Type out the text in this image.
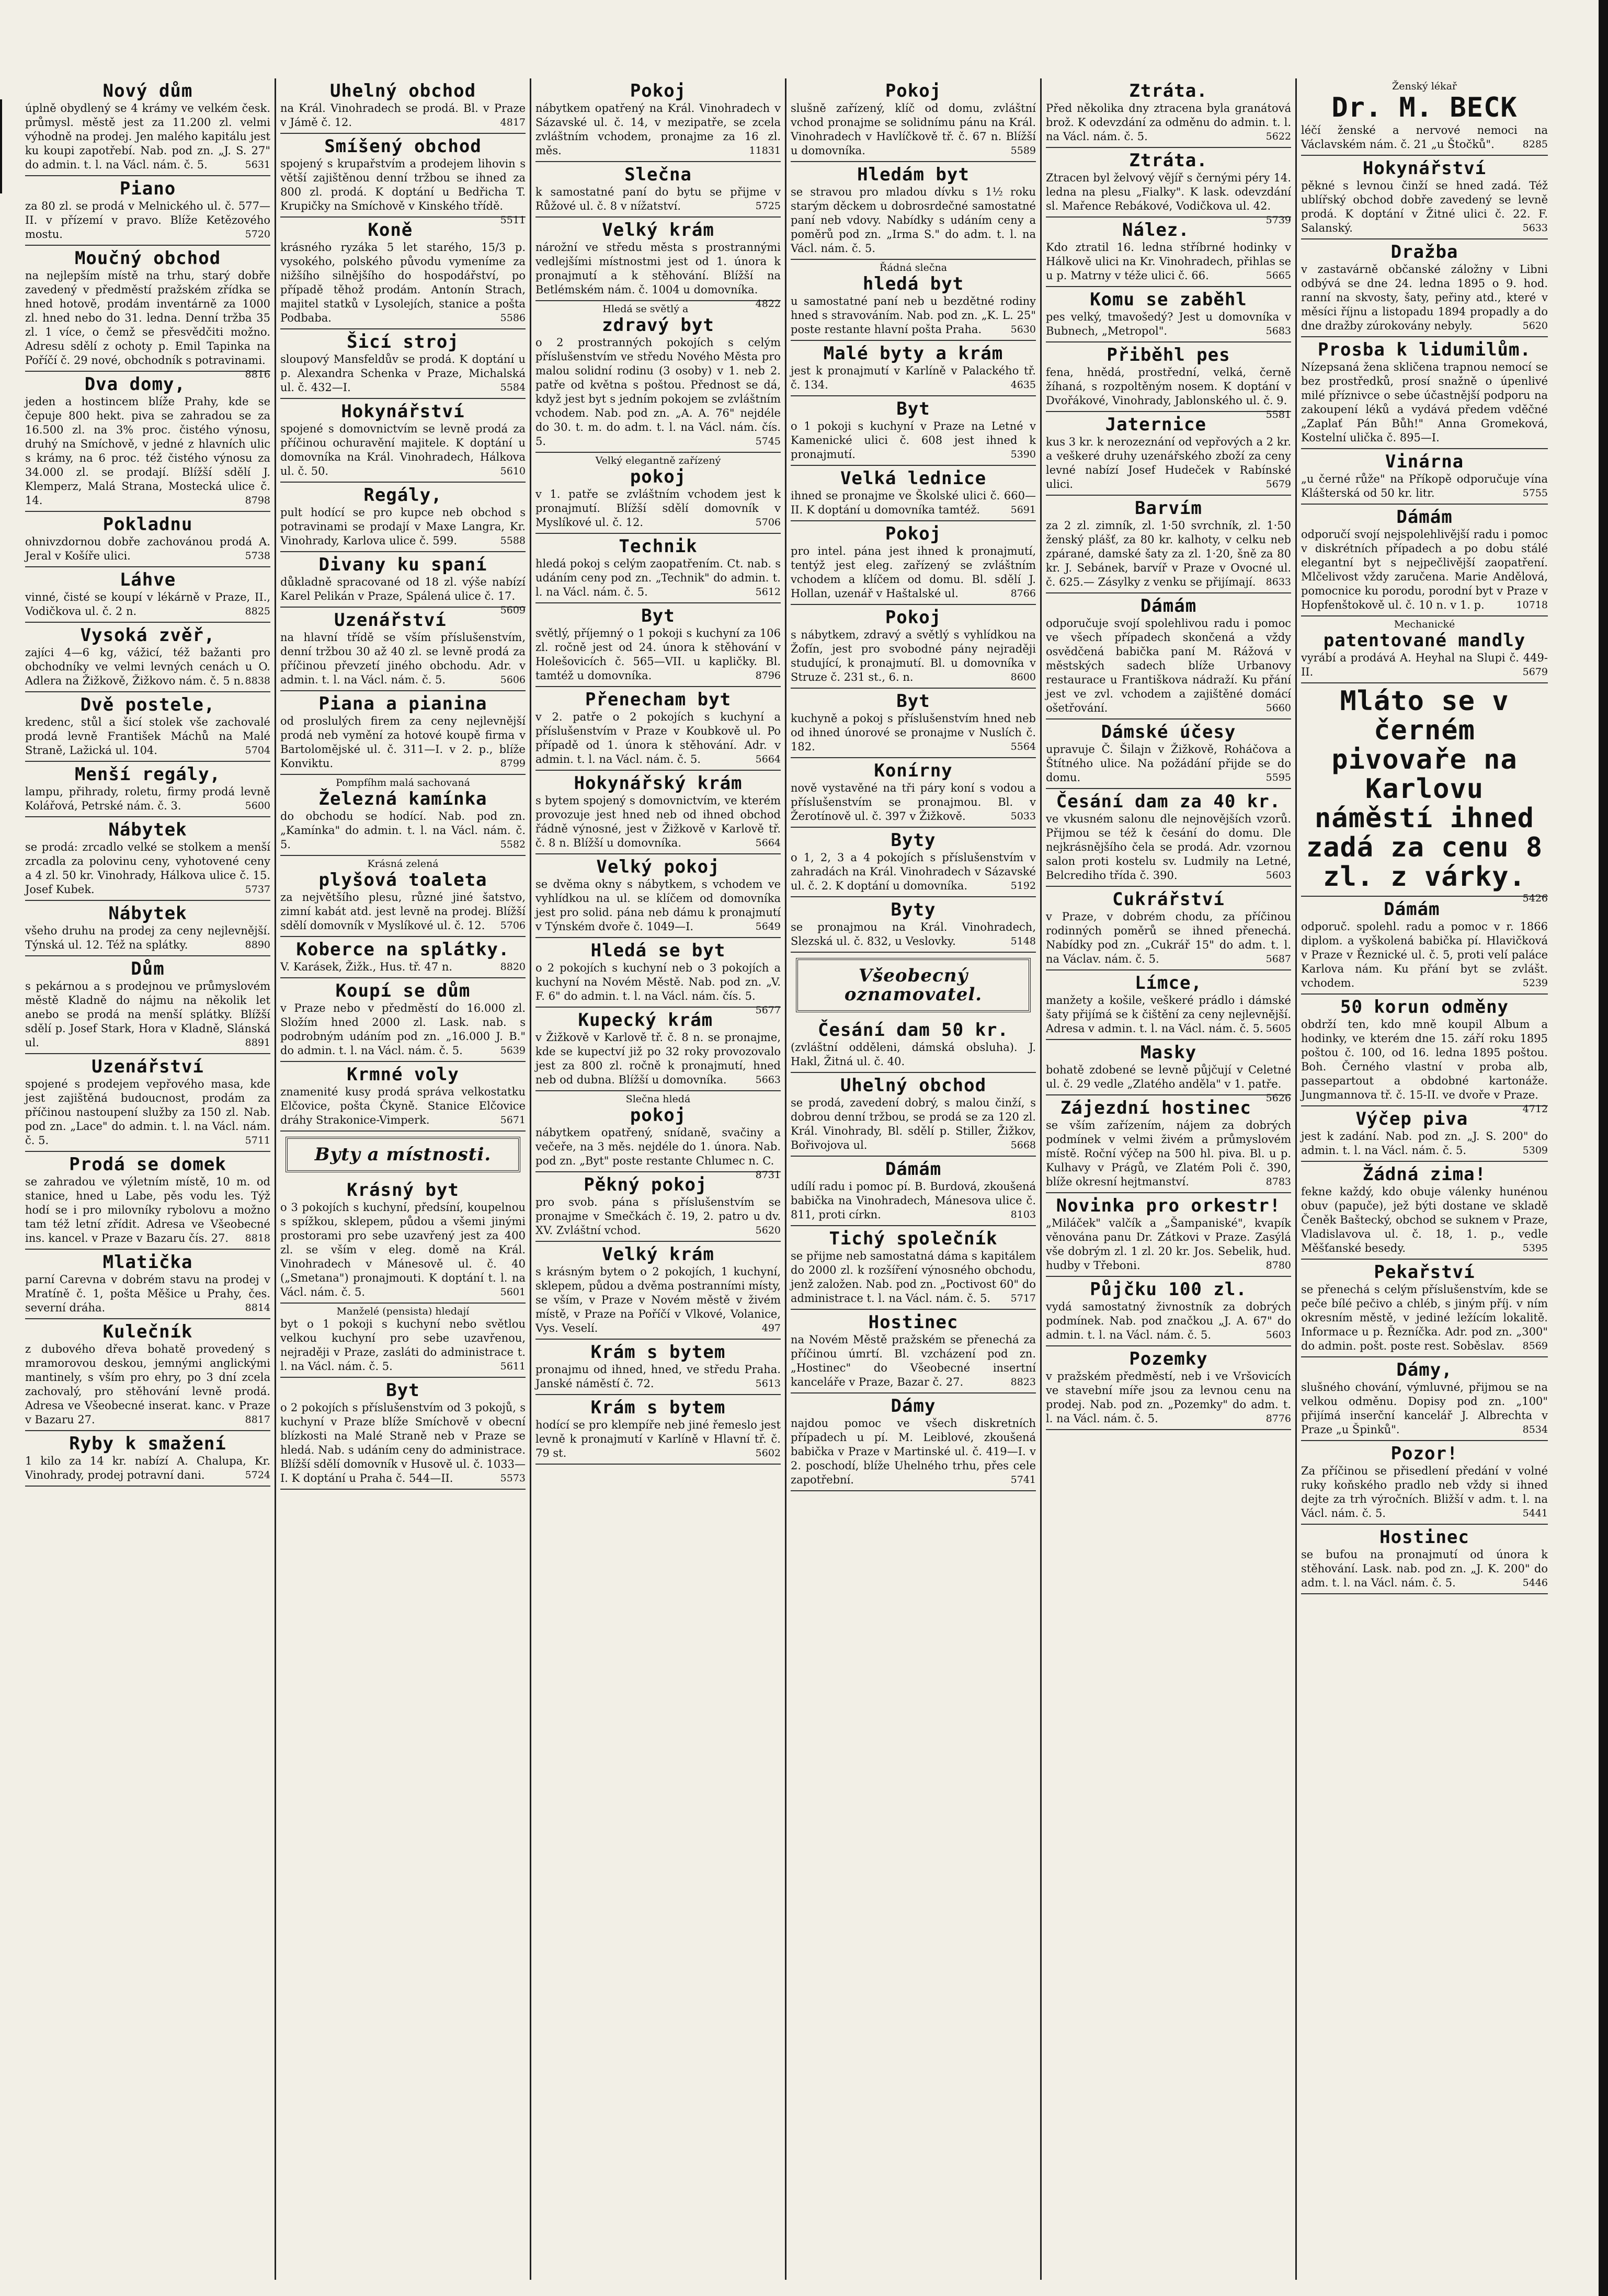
Nový dům

úplně obydlený se 4 krámy ve velkém česk. průmysl. městě jest za 11.200 zl. velmi výhodně na prodej. Jen malého kapitálu jest ku koupi zapotřebí. Nab. pod zn. „J. S. 27" do admin. t. l. na Václ. nám. č. 5.	5631

Piano

za 80 zl. se prodá v Melnického ul. č. 577—II. v přízemí v pravo. Blíže Ketězového mostu.	5720

Moučný obchod

na nejlepším místě na trhu, starý dobře zavedený v předměstí pražském zřídka se hned hotově, prodám inventárně za 1000 zl. hned nebo do 31. ledna. Denní tržba 35 zl. 1 více, o čemž se přesvědčiti možno. Adresu sdělí z ochoty p. Emil Tapinka na Poříčí č. 29 nové, obchodník s potravinami.
8816

Dva domy,

jeden a hostincem blíže Prahy, kde se čepuje 800 hekt. piva se zahradou se za 16.500 zl. na 3% proc. čistého výnosu, druhý na Smíchově, v jedné z hlavních ulic s krámy, na 6 proc. též čistého výnosu za 34.000 zl. se prodají. Blížší sdělí J. Klemperz, Malá Strana, Mostecká ulice č. 14.	8798

Pokladnu

ohnivzdornou dobře zachovánou prodá A. Jeral v Košíře ulici.	5738

Láhve

vinné, čisté se koupí v lékárně v Praze, II., Vodičkova ul. č. 2 n.	8825

Vysoká zvěř,

zajíci 4—6 kg, vážicí, též bažanti pro obchodníky ve velmi levných cenách u O. Adlera na Žižkově, Žižkovo nám. č. 5 n. 8838

Dvě postele,

kredenc, stůl a šicí stolek vše zachovalé prodá levně František Máchů na Malé Straně, Lažická ul. 104.	5704

Menší regály,

lampu, přihrady, roletu, firmy prodá levně Kolářová, Petrské nám. č. 3.	5600

Nábytek

se prodá: zrcadlo velké se stolkem a menší zrcadla za polovinu ceny, vyhotovené ceny a 4 zl. 50 kr. Vinohrady, Hálkova ulice č. 15. Josef Kubek.	5737

Nábytek

všeho druhu na prodej za ceny nejlevnější. Týnská ul. 12. Též na splátky.	8890

Dům

s pekárnou a s prodejnou ve průmyslovém městě Kladně do nájmu na několik let anebo se prodá na menší splátky. Blížší sdělí p. Josef Stark, Hora v Kladně, Slánská ul.	8891

Uzenářství

spojené s prodejem vepřového masa, kde jest zajištěná budoucnost, prodám za příčinou nastoupení služby za 150 zl. Nab. pod zn. „Lace" do admin. t. l. na Václ. nám. č. 5.	5711

Prodá se domek

se zahradou ve výletním místě, 10 m. od stanice, hned u Labe, pěs vodu les. Týž hodí se i pro milovníky rybolovu a možno tam též letní zřídit. Adresa ve Všeobecné ins. kancel. v Praze v Bazaru čís. 27. 8818

Mlatička

parní Carevna v dobrém stavu na prodej v Mratíně č. 1, pošta Měšice u Prahy, čes. severní dráha.	8814

Kulečník

z dubového dřeva bohatě provedený s mramorovou deskou, jemnými anglickými mantinely, s vším pro ehry, po 3 dní zcela zachovalý, pro stěhování levně prodá. Adresa ve Všeobecné inserat. kanc. v Praze v Bazaru 27.	8817

Ryby k smažení

1 kilo za 14 kr. nabízí A. Chalupa, Kr. Vinohrady, prodej potravní dani.	5724

Uhelný obchod

na Král. Vinohradech se prodá. Bl. v Praze v Jámě č. 12.	4817

Smíšený obchod

spojený s krupařstvím a prodejem lihovin s větší zajištěnou denní tržbou se ihned za 800 zl. prodá. K doptání u Bedřicha T. Krupičky na Smíchově v Kinského třídě.
5511

Koně

krásného ryzáka 5 let starého, 15/3 p. vysokého, polského původu vymeníme za nižšího silnějšího do hospodářství, po případě těhož prodám. Antonín Strach, majitel statků v Lysolejích, stanice a pošta Podbaba.	5586

Šicí stroj

sloupový Mansfeldův se prodá. K doptání u p. Alexandra Schenka v Praze, Michalská ul. č. 432—I.	5584

Hokynářství

spojené s domovnictvím se levně prodá za příčinou ochuravění majitele. K doptání u domovníka na Král. Vinohradech, Hálkova ul. č. 50.	5610

Regály,

pult hodící se pro kupce neb obchod s potravinami se prodají v Maxe Langra, Kr. Vinohrady, Karlova ulice č. 599.	5588

Divany ku spaní

důkladně spracované od 18 zl. výše nabízí Karel Pelikán v Praze, Spálená ulice č. 17.
5609

Uzenářství

na hlavní třídě se vším příslušenstvím, denní tržbou 30 až 40 zl. se levně prodá za příčinou převzetí jiného obchodu. Adr. v admin. t. l. na Václ. nám. č. 5.	5606

Piana a pianina

od proslulých firem za ceny nejlevnější prodá neb vymění za hotové koupě firma v Bartolomějské ul. č. 311—I. v 2. p., blíže Konviktu.	8799

Pompfíhm malá sachovaná
Železná kamínka

do obchodu se hodící. Nab. pod zn. „Kamínka" do admin. t. l. na Václ. nám. č. 5.	5582

Krásná zelená
plyšová toaleta

za největšího plesu, různé jiné šatstvo, zimní kabát atd. jest levně na prodej. Blížší sdělí domovník v Myslíkové ul. č. 12. 5706

Koberce na splátky.

V. Karásek, Žižk., Hus. tř. 47 n.	8820

Koupí se dům

v Praze nebo v předměstí do 16.000 zl. Složím hned 2000 zl. Lask. nab. s podrobným udáním pod zn. „16.000 J. B." do admin. t. l. na Václ. nám. č. 5.	5639

Krmné voly

znamenité kusy prodá správa velkostatku Elčovice, pošta Čkyně. Stanice Elčovice dráhy Strakonice-Vimperk.	5671

Byty a místnosti.
Krásný byt

o 3 pokojích s kuchyní, předsíní, koupelnou s spížkou, sklepem, půdou a všemi jinými prostorami pro sebe uzavřený jest za 400 zl. se vším v eleg. domě na Král. Vinohradech v Mánesově ul. č. 40 („Smetana") pronajmouti. K doptání t. l. na Václ. nám. č. 5.	5601

Manželé (pensista) hledají

byt o 1 pokoji s kuchyní nebo světlou velkou kuchyní pro sebe uzavřenou, nejraději v Praze, zasláti do administrace t. l. na Václ. nám. č. 5.	5611

Byt

o 2 pokojích s příslušenstvím od 3 pokojů, s kuchyní v Praze blíže Smíchově v obecní blízkosti na Malé Straně neb v Praze se hledá. Nab. s udáním ceny do administrace. Blížší sdělí domovník v Husově ul. č. 1033—I. K doptání u Praha č. 544—II.	5573

Pokoj

nábytkem opatřený na Král. Vinohradech v Sázavské ul. č. 14, v mezipatře, se zcela zvláštním vchodem, pronajme za 16 zl. měs.	11831

Slečna

k samostatné paní do bytu se přijme v Růžové ul. č. 8 v nížatství.	5725

Velký krám

nárožní ve středu města s prostrannými vedlejšími místnostmi jest od 1. února k pronajmutí a k stěhování. Blížší na Betlémském nám. č. 1004 u domovníka.
4822

Hledá se světlý a
zdravý byt

o 2 prostranných pokojích s celým příslušenstvím ve středu Nového Města pro malou solidní rodinu (3 osoby) v 1. neb 2. patře od května s poštou. Přednost se dá, když jest byt s jedním pokojem se zvláštním vchodem. Nab. pod zn. „A. A. 76" nejdéle do 30. t. m. do adm. t. l. na Václ. nám. čís. 5.	5745

Velký elegantně zařízený
pokoj

v 1. patře se zvláštním vchodem jest k pronajmutí. Blížší sdělí domovník v Myslíkové ul. č. 12.	5706

Technik

hledá pokoj s celým zaopatřením. Ct. nab. s udáním ceny pod zn. „Technik" do admin. t. l. na Václ. nám. č. 5.	5612

Byt

světlý, příjemný o 1 pokoji s kuchyní za 106 zl. ročně jest od 24. února k stěhování v Holešovicích č. 565—VII. u kapličky. Bl. tamtéž u domovníka.	8796

Přenecham byt

v 2. patře o 2 pokojích s kuchyní a příslušenstvím v Praze v Koubkově ul. Po případě od 1. února k stěhování. Adr. v admin. t. l. na Václ. nám. č. 5.	5664

Hokynářský krám

s bytem spojený s domovnictvím, ve kterém provozuje jest hned neb od ihned obchod řádně výnosné, jest v Žižkově v Karlově tř. č. 8 n. Blížší u domovníka.	5664

Velký pokoj

se dvěma okny s nábytkem, s vchodem ve vyhlídkou na ul. se klíčem od domovníka jest pro solid. pána neb dámu k pronajmutí v Týnském dvoře č. 1049—I.	5649

Hledá se byt

o 2 pokojích s kuchyní neb o 3 pokojích a kuchyní na Novém Městě. Nab. pod zn. „V. F. 6" do admin. t. l. na Václ. nám. čís. 5.
5677

Kupecký krám

v Žižkově v Karlově tř. č. 8 n. se pronajme, kde se kupectví již po 32 roky provozovalo jest za 800 zl. ročně k pronajmutí, hned neb od dubna. Blížší u domovníka.	5663

Slečna hledá
pokoj

nábytkem opatřený, snídaně, svačiny a večeře, na 3 měs. nejdéle do 1. února. Nab. pod zn. „Byt" poste restante Chlumec n. C.
8731

Pěkný pokoj

pro svob. pána s příslušenstvím se pronajme v Smečkách č. 19, 2. patro u dv. XV. Zvláštní vchod.	5620

Velký krám

s krásným bytem o 2 pokojích, 1 kuchyní, sklepem, půdou a dvěma postranními místy, se vším, v Praze v Novém městě v živém místě, v Praze na Poříčí v Vlkové, Volanice, Vys. Veselí.	497

Krám s bytem

pronajmu od ihned, hned, ve středu Praha. Janské náměstí č. 72.	5613

Krám s bytem

hodící se pro klempíře neb jiné řemeslo jest levně k pronajmutí v Karlíně v Hlavní tř. č. 79 st.	5602

Pokoj

slušně zařízený, klíč od domu, zvláštní vchod pronajme se solidnímu pánu na Král. Vinohradech v Havlíčkově tř. č. 67 n. Blížší u domovníka.	5589

Hledám byt

se stravou pro mladou dívku s 1½ roku starým děckem u dobrosrdečné samostatné paní neb vdovy. Nabídky s udáním ceny a poměrů pod zn. „Irma S." do adm. t. l. na Václ. nám. č. 5.

Řádná slečna
hledá byt

u samostatné paní neb u bezdětné rodiny hned s stravováním. Nab. pod zn. „K. L. 25" poste restante hlavní pošta Praha.	5630

Malé byty a krám

jest k pronajmutí v Karlíně v Palackého tř. č. 134.	4635

Byt

o 1 pokoji s kuchyní v Praze na Letné v Kamenické ulici č. 608 jest ihned k pronajmutí.	5390

Velká lednice

ihned se pronajme ve Školské ulici č. 660—II. K doptání u domovníka tamtéž.	5691

Pokoj

pro intel. pána jest ihned k pronajmutí, tentýž jest eleg. zařízený se zvláštním vchodem a klíčem od domu. Bl. sdělí J. Hollan, uzenář v Haštalské ul.	8766

Pokoj

s nábytkem, zdravý a světlý s vyhlídkou na Žofín, jest pro svobodné pány nejraději studující, k pronajmutí. Bl. u domovníka v Struze č. 231 st., 6. n.	8600

Byt

kuchyně a pokoj s příslušenstvím hned neb od ihned únorové se pronajme v Nuslích č. 182.	5564

Konírny

nově vystavěné na tři páry koní s vodou a příslušenstvím se pronajmou. Bl. v Žerotínově ul. č. 397 v Žižkově.	5033

Byty

o 1, 2, 3 a 4 pokojích s příslušenstvím v zahradách na Král. Vinohradech v Sázavské ul. č. 2. K doptání u domovníka.	5192

Byty

se pronajmou na Král. Vinohradech, Slezská ul. č. 832, u Veslovky.	5148

Všeobecný oznamovatel.
Česání dam 50 kr.

(zvláštní odděleni, dámská obsluha). J. Hakl, Žitná ul. č. 40.

Uhelný obchod

se prodá, zavedení dobrý, s malou činží, s dobrou denní tržbou, se prodá se za 120 zl. Král. Vinohrady, Bl. sdělí p. Stiller, Žižkov, Bořivojova ul.	5668

Dámám

udílí radu i pomoc pí. B. Burdová, zkoušená babička na Vinohradech, Mánesova ulice č. 811, proti církn.	8103

Tichý společník

se přijme neb samostatná dáma s kapitálem do 2000 zl. k rozšíření výnosného obchodu, jenž založen. Nab. pod zn. „Poctivost 60" do administrace t. l. na Václ. nám. č. 5. 5717

Hostinec

na Novém Městě pražském se přenechá za příčinou úmrtí. Bl. vzcházení pod zn. „Hostinec" do Všeobecné insertní kanceláře v Praze, Bazar č. 27.	8823

Dámy

najdou pomoc ve všech diskretních případech u pí. M. Leiblové, zkoušená babička v Praze v Martinské ul. č. 419—I. v 2. poschodí, blíže Uhelného trhu, přes cele zapotřební.	5741

Ztráta.

Před několika dny ztracena byla granátová brož. K odevzdání za odměnu do admin. t. l. na Václ. nám. č. 5.	5622

Ztráta.

Ztracen byl želvový vějíř s černými péry 14. ledna na plesu „Fialky". K lask. odevzdání sl. Mařence Rebákové, Vodičkova ul. 42.
5739

Nález.

Kdo ztratil 16. ledna stříbrné hodinky v Hálkově ulici na Kr. Vinohradech, přihlas se u p. Matrny v téže ulici č. 66.	5665

Komu se zaběhl

pes velký, tmavošedý? Jest u domovníka v Bubnech, „Metropol".	5683

Přiběhl pes

fena, hnědá, prostřední, velká, černě žíhaná, s rozpoltěným nosem. K doptání v Dvořákové, Vinohrady, Jablonského ul. č. 9.
5581

Jaternice

kus 3 kr. k nerozeznání od vepřových a 2 kr. a veškeré druhy uzenářského zboží za ceny levné nabízí Josef Hudeček v Rabínské ulici.	5679

Barvím

za 2 zl. zimník, zl. 1·50 svrchník, zl. 1·50 ženský plášť, za 80 kr. kalhoty, v celku neb zpárané, damské šaty za zl. 1·20, šně za 80 kr. J. Sebánek, barvíř v Praze v Ovocné ul. č. 625.— Zásylky z venku se přijímají. 8633

Dámám

odporučuje svojí spolehlivou radu i pomoc ve všech případech skončená a vždy osvědčená babička paní M. Rážová v městských sadech blíže Urbanovy restaurace u Františkova nádraží. Ku přání jest ve zvl. vchodem a zajištěné domácí ošetřování.	5660

Dámské účesy

upravuje Č. Šilajn v Žižkově, Roháčova a Štítného ulice. Na požádání přijde se do domu.	5595

Česání dam za 40 kr.

ve vkusném salonu dle nejnovějších vzorů. Přijmou se též k česání do domu. Dle nejkrásnějšího čela se prodá. Adr. vzornou salon proti kostelu sv. Ludmily na Letné, Belcrediho třída č. 390.	5603

Cukrářství

v Praze, v dobrém chodu, za příčinou rodinných poměrů se ihned přenechá. Nabídky pod zn. „Cukrář 15" do adm. t. l. na Václav. nám. č. 5.	5687

Límce,

manžety a košile, veškeré prádlo i dámské šaty přijímá se k čištění za ceny nejlevnější. Adresa v admin. t. l. na Václ. nám. č. 5. 5605

Masky

bohatě zdobené se levně půjčují v Celetné ul. č. 29 vedle „Zlatého anděla" v 1. patře.
5626

Zájezdní hostinec

se vším zařízením, nájem za dobrých podmínek v velmi živém a průmyslovém místě. Roční výčep na 500 hl. piva. Bl. u p. Kulhavy v Prágů, ve Zlatém Poli č. 390, blíže okresní hejtmanství.	8783

Novinka pro orkestr!

„Miláček" valčík a „Šampaniské", kvapík věnována panu Dr. Zátkovi v Praze. Zasýlá vše dobrým zl. 1 zl. 20 kr. Jos. Sebelik, hud. hudby v Třeboni.	8780

Půjčku 100 zl.

vydá samostatný živnostník za dobrých podmínek. Nab. pod značkou „J. A. 67" do admin. t. l. na Václ. nám. č. 5.	5603

Pozemky

v pražském předměstí, neb i ve Vršovicích ve stavební míře jsou za levnou cenu na prodej. Nab. pod zn. „Pozemky" do adm. t. l. na Václ. nám. č. 5.	8776

Ženský lékař
Dr. M. BECK

léčí ženské a nervové nemoci na Václavském nám. č. 21 „u Štočků".	8285

Hokynářství

pěkné s levnou činží se hned zadá. Též ublířský obchod dobře zavedený se levně prodá. K doptání v Žitné ulici č. 22. F. Salanský.	5633

Dražba

v zastavárně občanské záložny v Libni odbývá se dne 24. ledna 1895 o 9. hod. ranní na skvosty, šaty, peřiny atd., které v měsíci říjnu a listopadu 1894 propadly a do dne dražby zúrokovány nebyly.	5620

Prosba k lidumilům.

Nízepsaná žena skličena trapnou nemocí se bez prostředků, prosí snažně o úpenlivé milé příznivce o sebe účastnější podporu na zakoupení léků a vydává předem vděčné „Zaplať Pán Bůh!" Anna Gromeková, Kostelní ulička č. 895—I.

Vinárna

„u černé růže" na Příkopě odporučuje vína Klášterská od 50 kr. litr.	5755

Dámám

odporučí svojí nejspolehlivější radu i pomoc v diskrétních případech a po dobu stálé elegantní byt s nejpečlivější zaopatření. Mlčelivost vždy zaručena. Marie Andělová, pomocnice ku porodu, porodní byt v Praze v Hopfenštokově ul. č. 10 n. v 1. p.	10718

Mechanické
patentované mandly

vyrábí a prodává A. Heyhal na Slupi č. 449-II.	5679

Mláto se v černém pivovaře na Karlovu náměstí ihned zadá za cenu 8 zl. z várky.
5426
Dámám

odporuč. spolehl. radu a pomoc v r. 1866 diplom. a vyškolená babička pí. Hlavičková v Praze v Řeznické ul. č. 5, proti velí paláce Karlova nám. Ku přání byt se zvlášt. vchodem.	5239

50 korun odměny

obdrží ten, kdo mně koupil Album a hodinky, ve kterém dne 15. září roku 1895 poštou č. 100, od 16. ledna 1895 poštou. Boh. Černého vlastní v proba alb, passepartout a obdobné kartonáže. Jungmannova tř. č. 15-II. ve dvoře v Praze.
4712

Výčep piva

jest k zadání. Nab. pod zn. „J. S. 200" do admin. t. l. na Václ. nám. č. 5.	5309

Žádná zima!

fekne každý, kdo obuje válenky hunénou obuv (papuče), jež býti dostane ve skladě Čeněk Baštecký, obchod se suknem v Praze, Vladislavova ul. č. 18, 1. p., vedle Měšťanské besedy.	5395

Pekařství

se přenechá s celým příslušenstvím, kde se peče bílé pečivo a chléb, s jiným příj. v ním okresním městě, v jediné ležícím lokalitě. Informace u p. Řezníčka. Adr. pod zn. „300" do admin. pošt. poste rest. Soběslav. 8569

Dámy,

slušného chování, výmluvné, přijmou se na velkou odměnu. Dopisy pod zn. „100" přijímá inserční kancelář J. Albrechta v Praze „u Špinků".	8534

Pozor!

Za příčinou se přisedlení předání v volné ruky koňského pradlo neb vždy si ihned dejte za trh výročních. Bližší v adm. t. l. na Václ. nám. č. 5.	5441

Hostinec

se bufou na pronajmutí od února k stěhování. Lask. nab. pod zn. „J. K. 200" do adm. t. l. na Václ. nám. č. 5.	5446
